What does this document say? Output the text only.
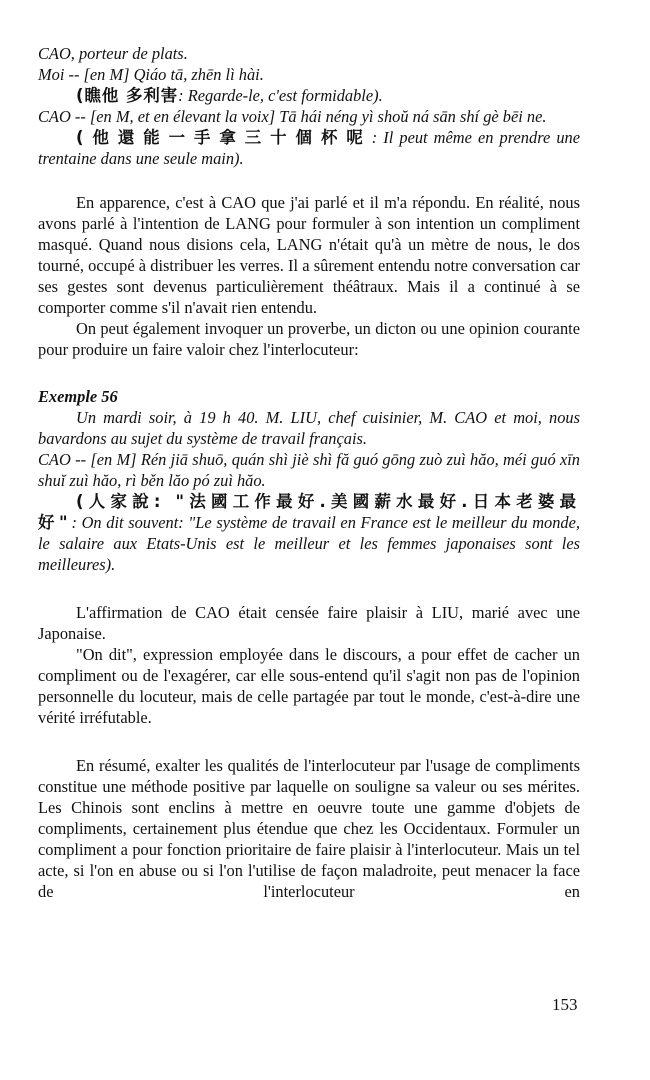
CAO, porteur de plats.
Moi -- [en M] Qiáo tā, zhēn lì hài.
(瞧他 多利害: Regarde-le, c'est formidable).

CAO -- [en M, et en élevant la voix] Tā hái néng yì shoŭ ná sān shí gè bēi ne.

(他還能一手拿三十個杯呢: Il peut même en prendre une trentaine dans une seule main).

En apparence, c'est à CAO que j'ai parlé et il m'a répondu. En réalité, nous avons parlé à l'intention de LANG pour formuler à son intention un compliment masqué. Quand nous disions cela, LANG n'était qu'à un mètre de nous, le dos tourné, occupé à distribuer les verres. Il a sûrement entendu notre conversation car ses gestes sont devenus particulièrement théâtraux. Mais il a continué à se comporter comme s'il n'avait rien entendu.

On peut également invoquer un proverbe, un dicton ou une opinion courante pour produire un faire valoir chez l'interlocuteur:

Exemple 56

Un mardi soir, à 19 h 40. M. LIU, chef cuisinier, M. CAO et moi, nous bavardons au sujet du système de travail français.

CAO -- [en M] Rén jiā shuō, quán shì jiè shì fă guó gōng zuò zuì hăo, méi guó xīn shuĭ zuì hăo, rì běn lăo pó zuì hăo.

(人家說: "法國工作最好.美國薪水最好.日本老婆最好": On dit souvent: "Le système de travail en France est le meilleur du monde, le salaire aux Etats-Unis est le meilleur et les femmes japonaises sont les meilleures).

L'affirmation de CAO était censée faire plaisir à LIU, marié avec une Japonaise.

"On dit", expression employée dans le discours, a pour effet de cacher un compliment ou de l'exagérer, car elle sous-entend qu'il s'agit non pas de l'opinion personnelle du locuteur, mais de celle partagée par tout le monde, c'est-à-dire une vérité irréfutable.

En résumé, exalter les qualités de l'interlocuteur par l'usage de compliments constitue une méthode positive par laquelle on souligne sa valeur ou ses mérites. Les Chinois sont enclins à mettre en oeuvre toute une gamme d'objets de compliments, certainement plus étendue que chez les Occidentaux. Formuler un compliment a pour fonction prioritaire de faire plaisir à l'interlocuteur. Mais un tel acte, si l'on en abuse ou si l'on l'utilise de façon maladroite, peut menacer la face de l'interlocuteur en

153
